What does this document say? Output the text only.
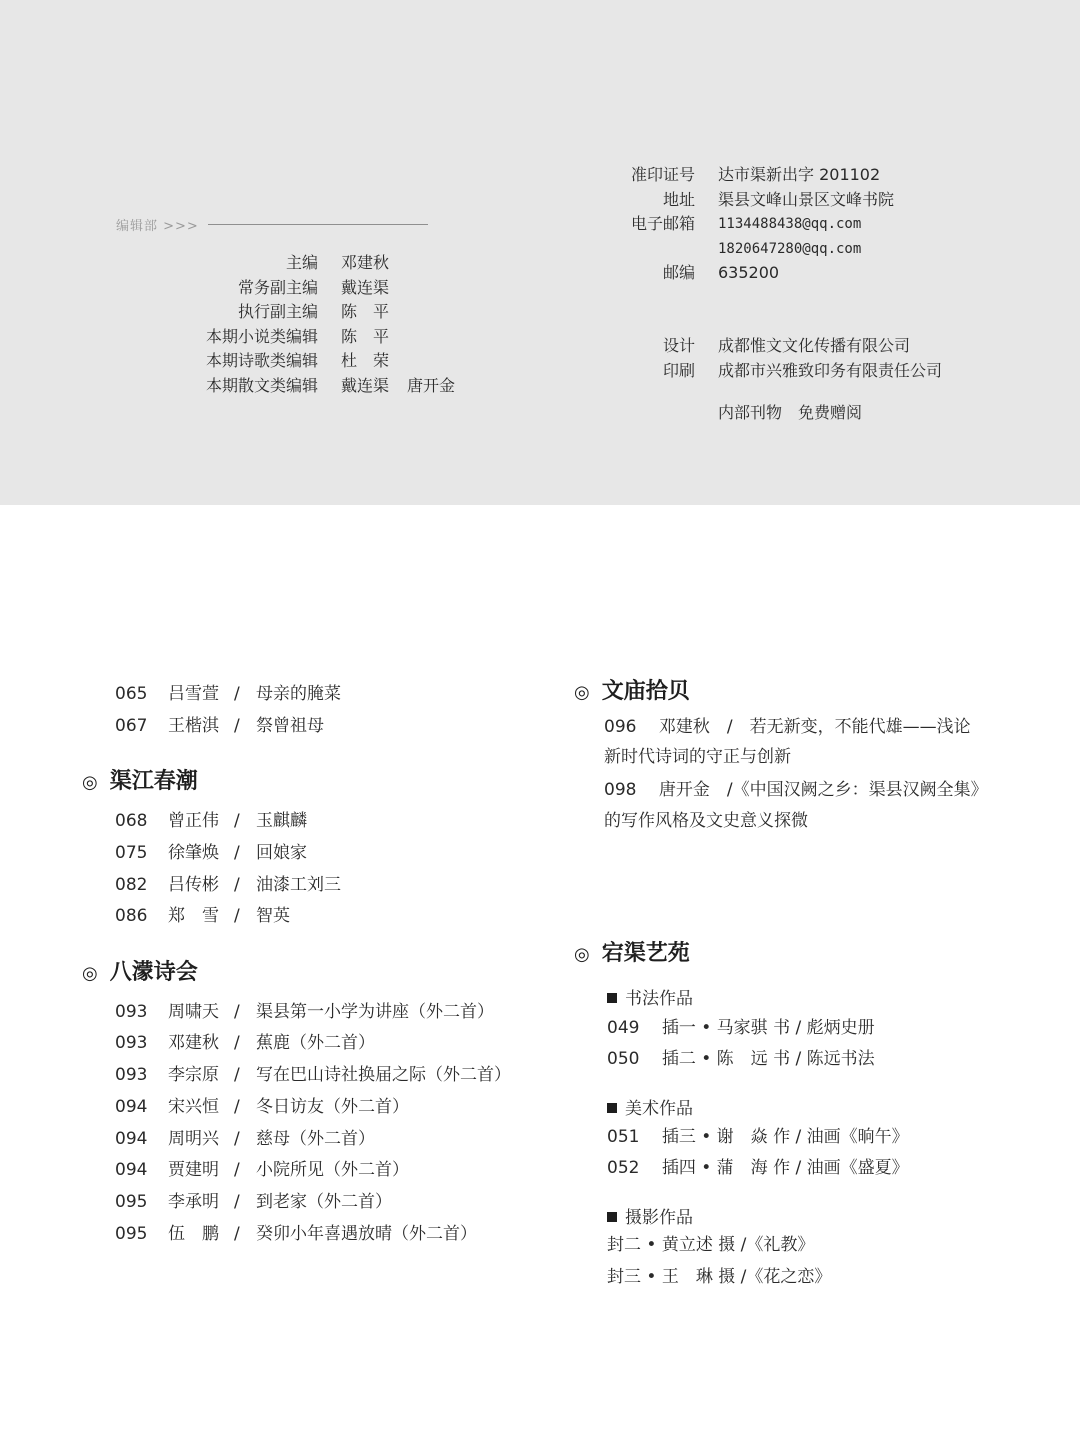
编辑部 >>>
主编 邓建秋
常务副主编 戴连渠
执行副主编 陈　平
本期小说类编辑 陈　平
本期诗歌类编辑 杜　荣
本期散文类编辑 戴连渠 唐开金
准印证号 达市渠新出字 201102
地址 渠县文峰山景区文峰书院
电子邮箱 1134488438@qq.com
1820647280@qq.com
邮编 635200
设计 成都惟文文化传播有限公司
印刷 成都市兴雅致印务有限责任公司
内部刊物　免费赠阅
065 吕雪萱 / 母亲的腌菜
067 王楷淇 / 祭曾祖母
◎ 渠江春潮
068 曾正伟 / 玉麒麟
075 徐肇焕 / 回娘家
082 吕传彬 / 油漆工刘三
086 郑　雪 / 智英
◎ 八濛诗会
093 周啸天 / 渠县第一小学为讲座（外二首）
093 邓建秋 / 蕉鹿（外二首）
093 李宗原 / 写在巴山诗社换届之际（外二首）
094 宋兴恒 / 冬日访友（外二首）
094 周明兴 / 慈母（外二首）
094 贾建明 / 小院所见（外二首）
095 李承明 / 到老家（外二首）
095 伍　鹏 / 癸卯小年喜遇放晴（外二首）
◎ 文庙拾贝
096　 邓建秋　/　若无新变，不能代雄——浅论
新时代诗词的守正与创新
098　 唐开金　/《中国汉阙之乡：渠县汉阙全集》
的写作风格及文史意义探微
◎ 宕渠艺苑
书法作品
049　 插一 • 马家骐 书 / 彪炳史册
050　 插二 • 陈　远 书 / 陈远书法
美术作品
051　 插三 • 谢　焱 作 / 油画《晌午》
052　 插四 • 蒲　海 作 / 油画《盛夏》
摄影作品
封二 • 黄立述 摄 /《礼教》
封三 • 王　琳 摄 /《花之恋》
